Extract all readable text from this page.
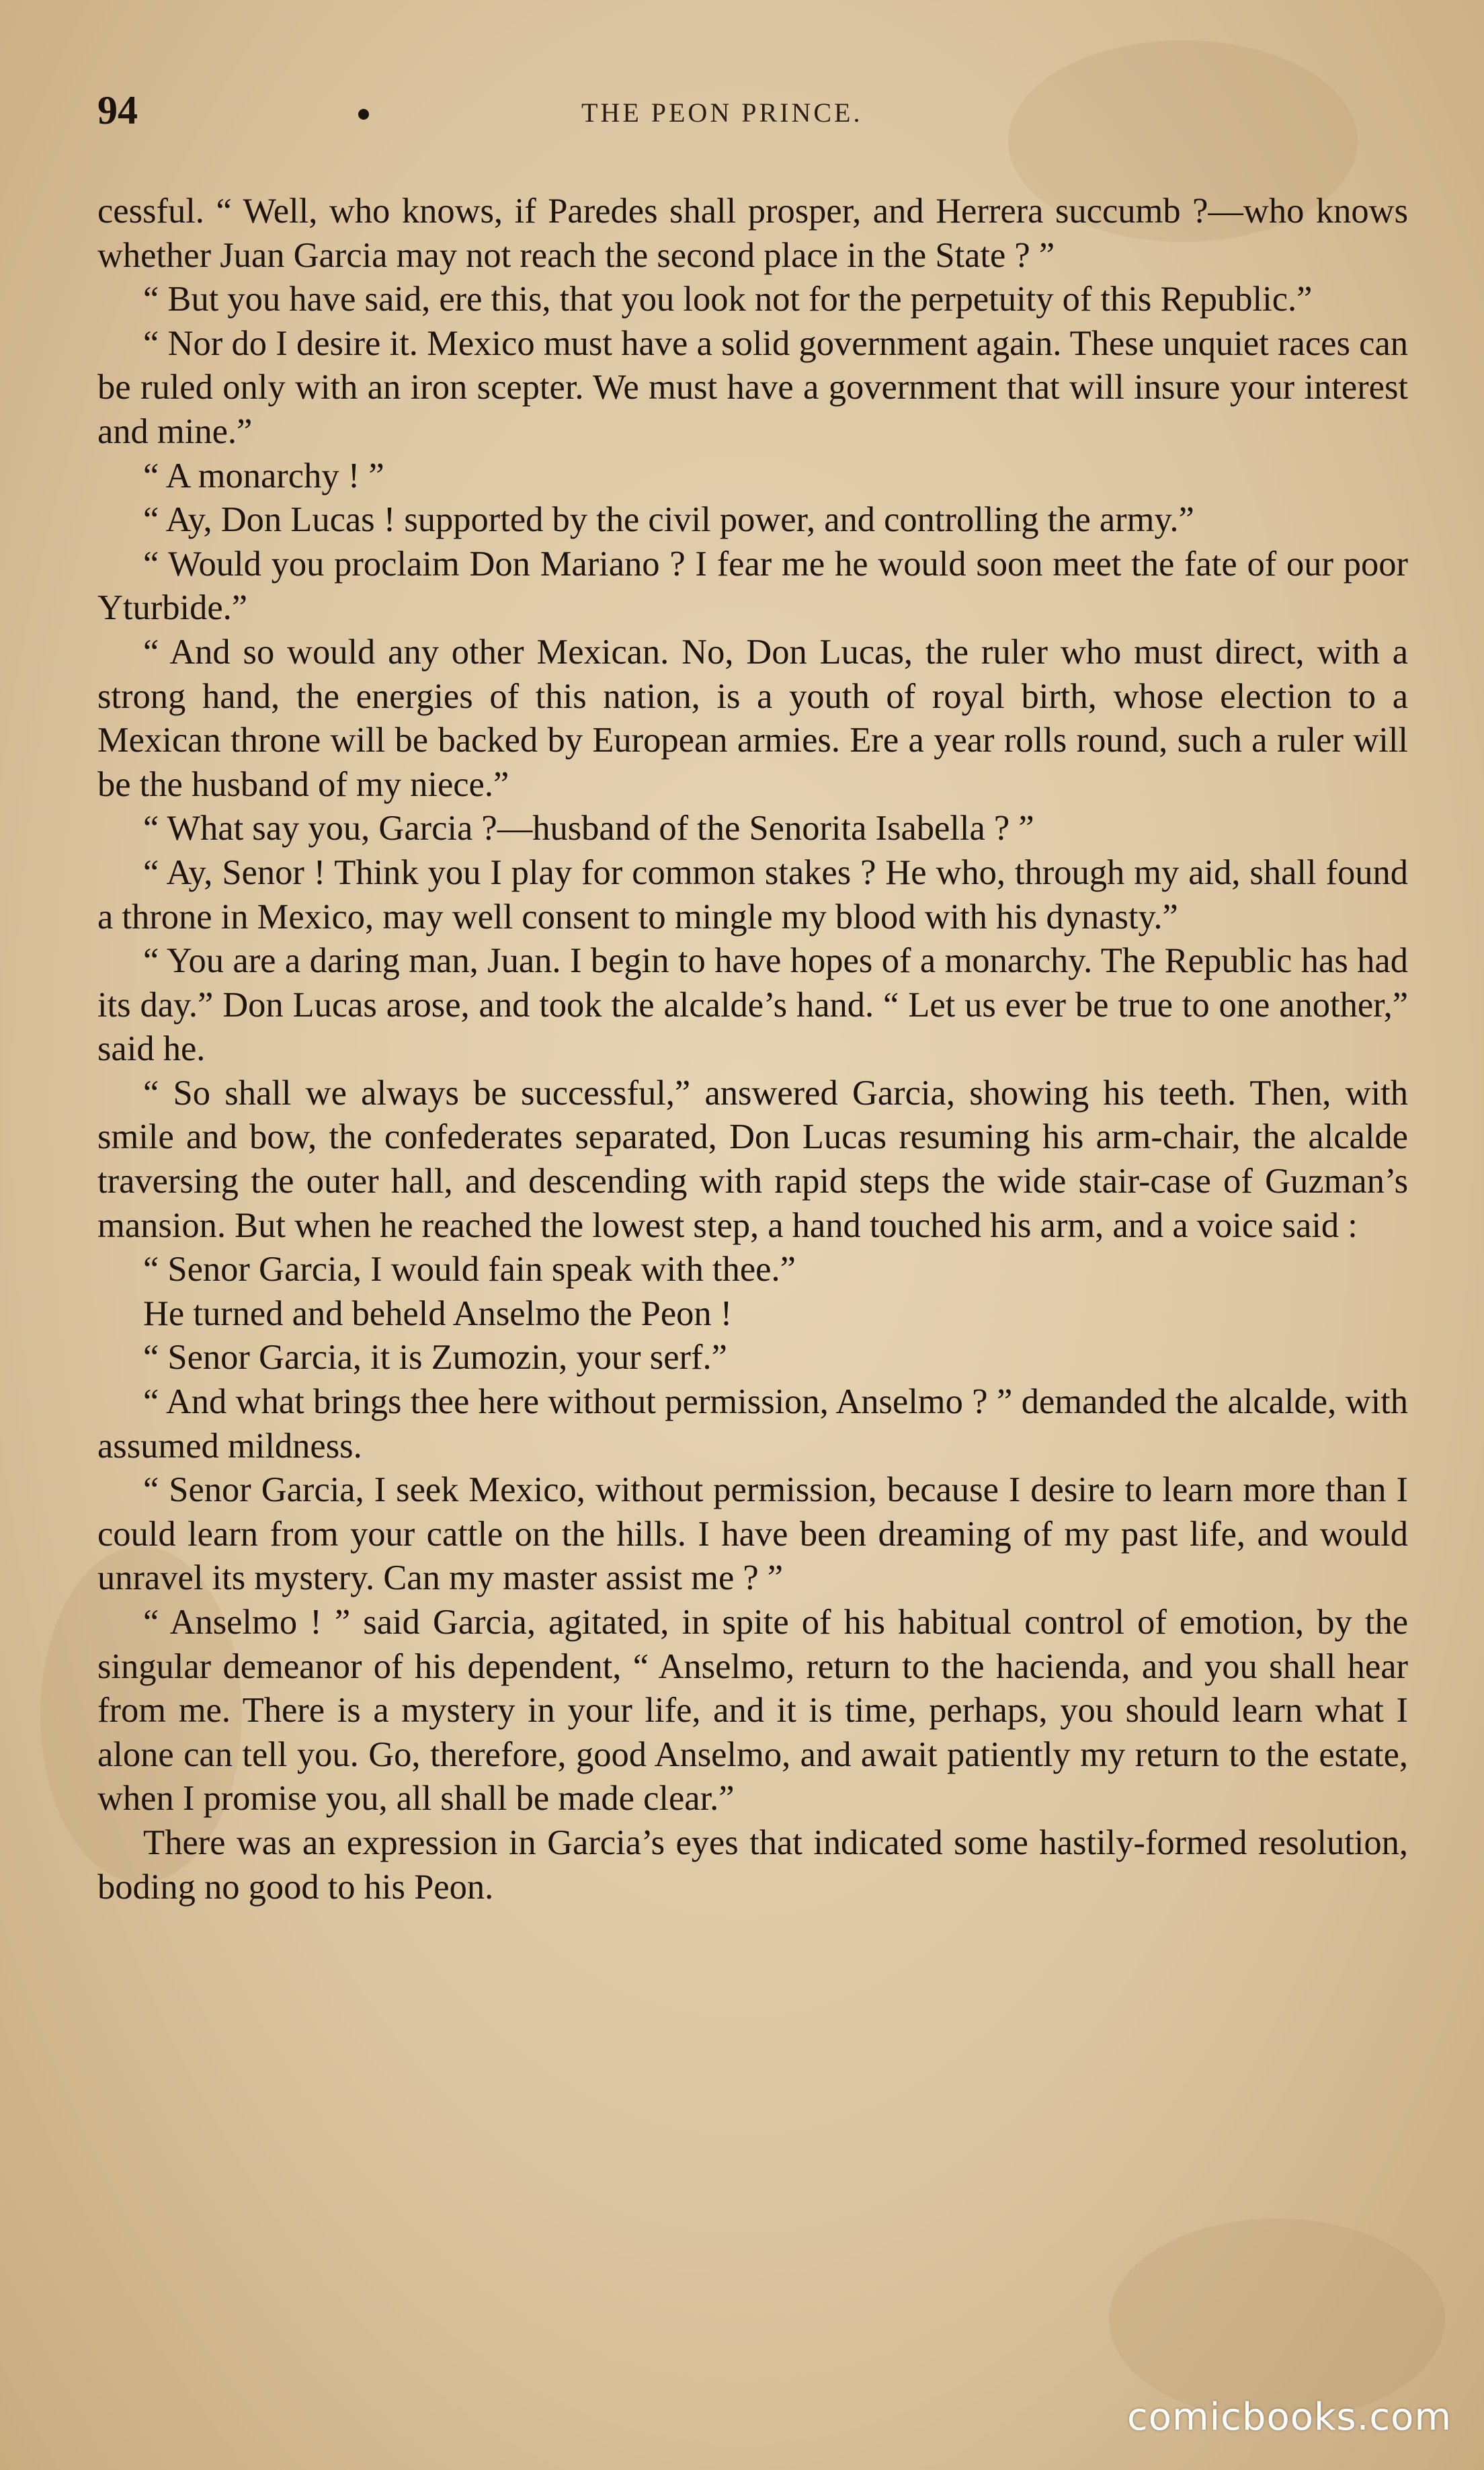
94	THE PEON PRINCE.

cessful. “ Well, who knows, if Paredes shall prosper, and Herrera succumb ?—who knows whether Juan Garcia may not reach the second place in the State ? ”

“ But you have said, ere this, that you look not for the perpetuity of this Republic.”

“ Nor do I desire it. Mexico must have a solid government again. These unquiet races can be ruled only with an iron scepter. We must have a government that will insure your interest and mine.”

“ A monarchy ! ”

“ Ay, Don Lucas ! supported by the civil power, and controlling the army.”

“ Would you proclaim Don Mariano ? I fear me he would soon meet the fate of our poor Yturbide.”

“ And so would any other Mexican. No, Don Lucas, the ruler who must direct, with a strong hand, the energies of this nation, is a youth of royal birth, whose election to a Mexican throne will be backed by European armies. Ere a year rolls round, such a ruler will be the husband of my niece.”

“ What say you, Garcia ?—husband of the Senorita Isabella ? ”

“ Ay, Senor ! Think you I play for common stakes ? He who, through my aid, shall found a throne in Mexico, may well consent to mingle my blood with his dynasty.”

“ You are a daring man, Juan. I begin to have hopes of a monarchy. The Republic has had its day.” Don Lucas arose, and took the alcalde’s hand. “ Let us ever be true to one another,” said he.

“ So shall we always be successful,” answered Garcia, showing his teeth. Then, with smile and bow, the confederates separated, Don Lucas resuming his arm-chair, the alcalde traversing the outer hall, and descending with rapid steps the wide stair-case of Guzman’s mansion. But when he reached the lowest step, a hand touched his arm, and a voice said :

“ Senor Garcia, I would fain speak with thee.”

He turned and beheld Anselmo the Peon !

“ Senor Garcia, it is Zumozin, your serf.”

“ And what brings thee here without permission, Anselmo ? ” demanded the alcalde, with assumed mildness.

“ Senor Garcia, I seek Mexico, without permission, because I desire to learn more than I could learn from your cattle on the hills. I have been dreaming of my past life, and would unravel its mystery. Can my master assist me ? ”

“ Anselmo ! ” said Garcia, agitated, in spite of his habitual control of emotion, by the singular demeanor of his dependent, “ Anselmo, return to the hacienda, and you shall hear from me. There is a mystery in your life, and it is time, perhaps, you should learn what I alone can tell you. Go, therefore, good Anselmo, and await patiently my return to the estate, when I promise you, all shall be made clear.”

There was an expression in Garcia’s eyes that indicated some hastily-formed resolution, boding no good to his Peon.

comicbooks.com
